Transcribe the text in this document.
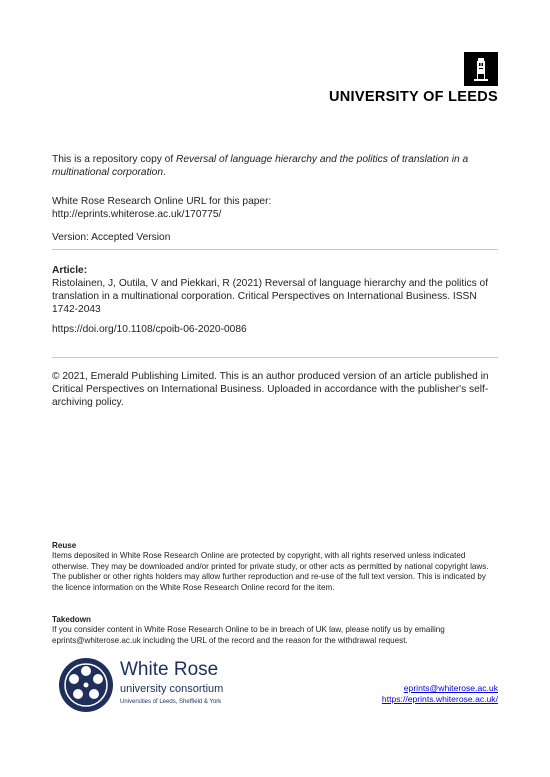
UNIVERSITY OF LEEDS

This is a repository copy of Reversal of language hierarchy and the politics of translation in a multinational corporation.

White Rose Research Online URL for this paper:

http://eprints.whiterose.ac.uk/170775/

Version: Accepted Version

Article:

Ristolainen, J, Outila, V and Piekkari, R (2021) Reversal of language hierarchy and the politics of translation in a multinational corporation. Critical Perspectives on International Business. ISSN 1742-2043

https://doi.org/10.1108/cpoib-06-2020-0086

© 2021, Emerald Publishing Limited. This is an author produced version of an article published in Critical Perspectives on International Business. Uploaded in accordance with the publisher's self-archiving policy.

Reuse

Items deposited in White Rose Research Online are protected by copyright, with all rights reserved unless indicated otherwise. They may be downloaded and/or printed for private study, or other acts as permitted by national copyright laws. The publisher or other rights holders may allow further reproduction and re-use of the full text version. This is indicated by the licence information on the White Rose Research Online record for the item.

Takedown

If you consider content in White Rose Research Online to be in breach of UK law, please notify us by emailing eprints@whiterose.ac.uk including the URL of the record and the reason for the withdrawal request.

White Rose
university consortium
Universities of Leeds, Sheffield & York
eprints@whiterose.ac.uk
https://eprints.whiterose.ac.uk/
